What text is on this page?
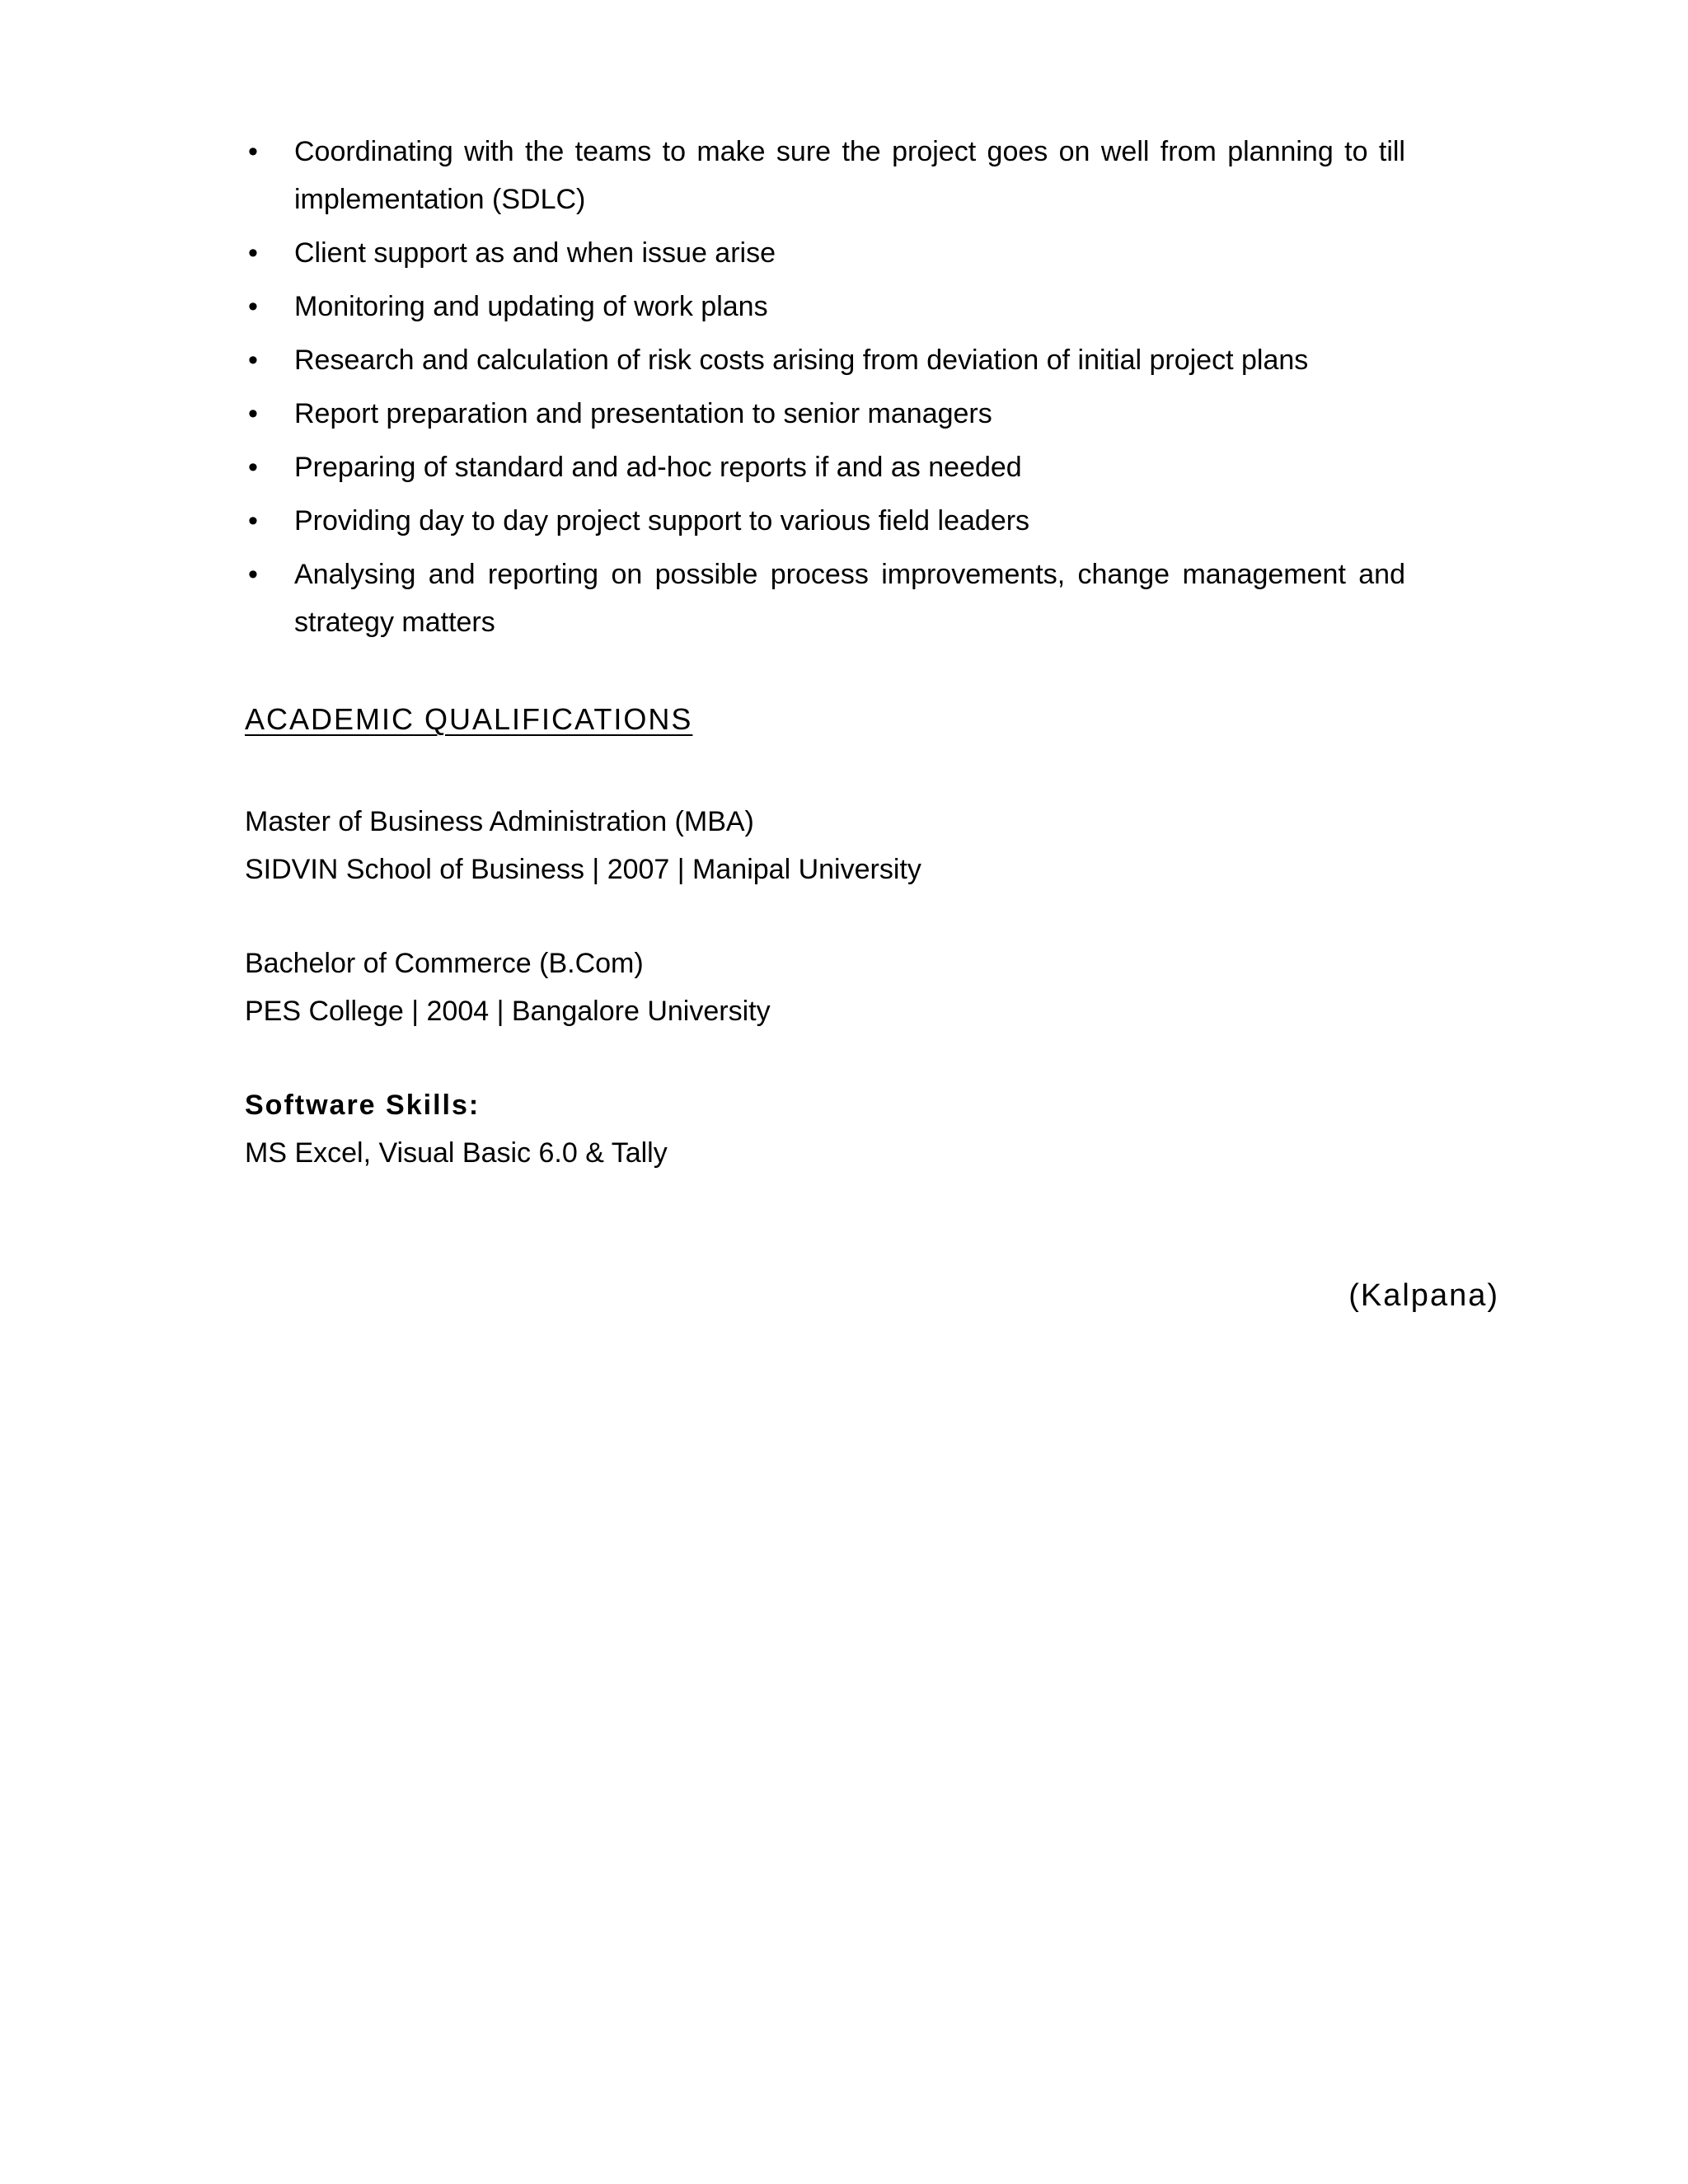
• Coordinating with the teams to make sure the project goes on well from planning to till implementation (SDLC)
• Client support as and when issue arise
• Monitoring and updating of work plans
• Research and calculation of risk costs arising from deviation of initial project plans
• Report preparation and presentation to senior managers
• Preparing of standard and ad-hoc reports if and as needed
• Providing day to day project support to various field leaders
• Analysing and reporting on possible process improvements, change management and strategy matters
ACADEMIC QUALIFICATIONS
Master of Business Administration (MBA)
SIDVIN School of Business | 2007 | Manipal University
Bachelor of Commerce (B.Com)
PES College | 2004 | Bangalore University
Software Skills:
MS Excel, Visual Basic 6.0 & Tally
(Kalpana)
